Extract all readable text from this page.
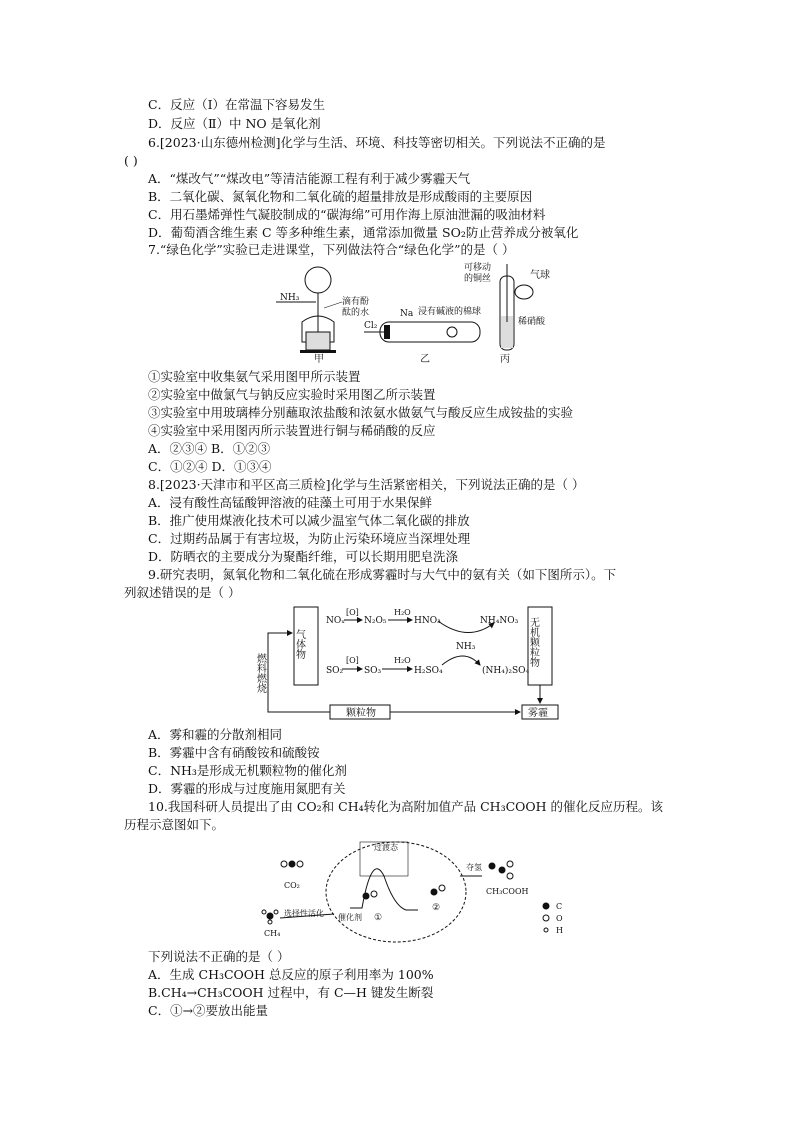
C．反应（Ⅰ）在常温下容易发生
D．反应（Ⅱ）中 NO 是氧化剂
6.[2023·山东德州检测]化学与生活、环境、科技等密切相关。下列说法不正确的是
( )
A．“煤改气”“煤改电”等清洁能源工程有利于减少雾霾天气
B．二氧化碳、氮氧化物和二氧化硫的超量排放是形成酸雨的主要原因
C．用石墨烯弹性气凝胶制成的“碳海绵”可用作海上原油泄漏的吸油材料
D．葡萄酒含维生素 C 等多种维生素，通常添加微量 SO₂防止营养成分被氧化
7.“绿色化学”实验已走进课堂，下列做法符合“绿色化学”的是（ ）
NH₃	滴有酚
酞的水
甲
Na 浸有碱液的棉球
Cl₂
乙
可移动
的铜丝	气球
稀硝酸
丙
①实验室中收集氨气采用图甲所示装置
②实验室中做氯气与钠反应实验时采用图乙所示装置
③实验室中用玻璃棒分别蘸取浓盐酸和浓氨水做氨气与酸反应生成铵盐的实验
④实验室中采用图丙所示装置进行铜与稀硝酸的反应
A．②③④ B．①②③
C．①②④ D．①③④
8.[2023·天津市和平区高三质检]化学与生活紧密相关，下列说法正确的是（ ）
A．浸有酸性高锰酸钾溶液的硅藻土可用于水果保鲜
B．推广使用煤液化技术可以减少温室气体二氧化碳的排放
C．过期药品属于有害垃圾，为防止污染环境应当深埋处理
D．防晒衣的主要成分为聚酯纤维，可以长期用肥皂洗涤
9.研究表明，氮氧化物和二氧化硫在形成雾霾时与大气中的氨有关（如下图所示）。下
列叙述错误的是（ ）
气体物	无机颗粒物
NOₓ
[O]
N₂O₅
H₂O
HNO₃	NH₄NO₃
NH₃
SO₂
[O]
SO₃
H₂O
H₂SO₄	(NH₄)₂SO₄
雾霾
颗粒物
燃料燃烧
A．雾和霾的分散剂相同
B．雾霾中含有硝酸铵和硫酸铵
C．NH₃是形成无机颗粒物的催化剂
D．雾霾的形成与过度施用氮肥有关
10.我国科研人员提出了由 CO₂和 CH₄转化为高附加值产品 CH₃COOH 的催化反应历程。该
历程示意图如下。
CO₂
CH₄
选择性活化
过渡态
催化剂 ①
②
夺氢
CH₃COOH
C
O
H
下列说法不正确的是（ ）
A．生成 CH₃COOH 总反应的原子利用率为 100%
B.CH₄→CH₃COOH 过程中，有 C—H 键发生断裂
C．①→②要放出能量
